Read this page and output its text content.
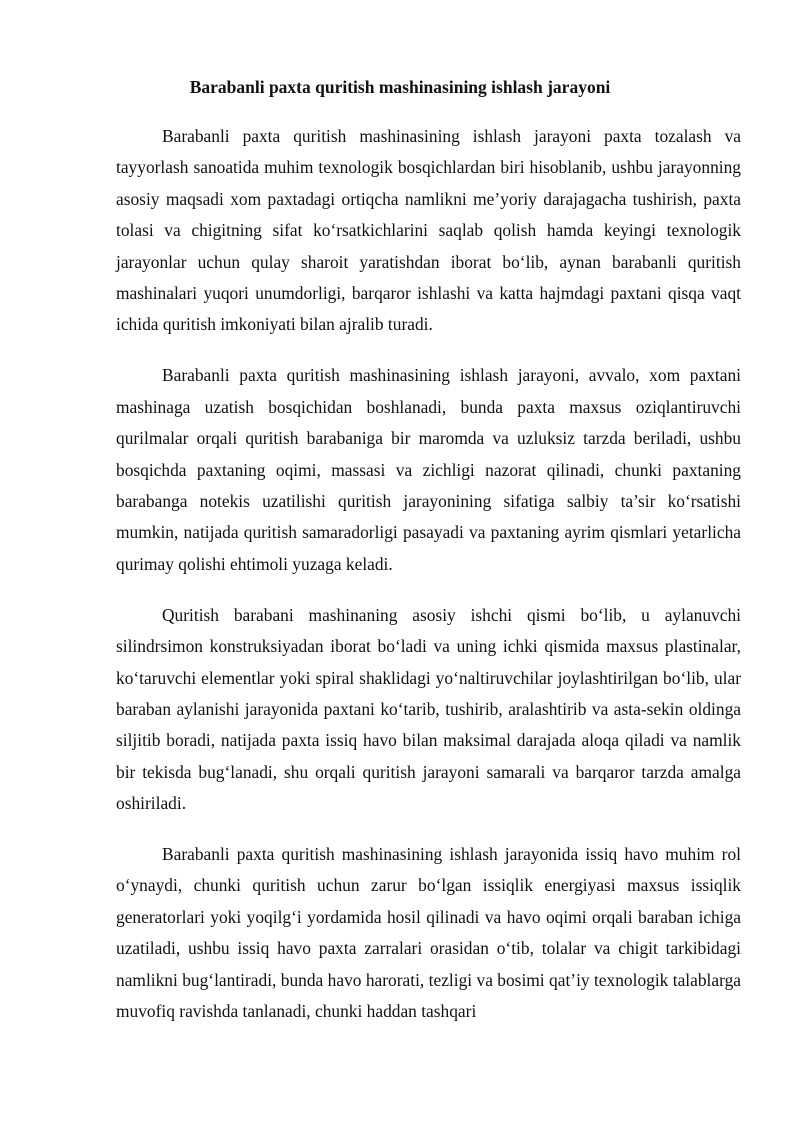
Barabanli paxta quritish mashinasining ishlash jarayoni

Barabanli paxta quritish mashinasining ishlash jarayoni paxta tozalash va tayyorlash sanoatida muhim texnologik bosqichlardan biri hisoblanib, ushbu jarayonning asosiy maqsadi xom paxtadagi ortiqcha namlikni me’yoriy darajagacha tushirish, paxta tolasi va chigitning sifat ko‘rsatkichlarini saqlab qolish hamda keyingi texnologik jarayonlar uchun qulay sharoit yaratishdan iborat bo‘lib, aynan barabanli quritish mashinalari yuqori unumdorligi, barqaror ishlashi va katta hajmdagi paxtani qisqa vaqt ichida quritish imkoniyati bilan ajralib turadi.

Barabanli paxta quritish mashinasining ishlash jarayoni, avvalo, xom paxtani mashinaga uzatish bosqichidan boshlanadi, bunda paxta maxsus oziqlantiruvchi qurilmalar orqali quritish barabaniga bir maromda va uzluksiz tarzda beriladi, ushbu bosqichda paxtaning oqimi, massasi va zichligi nazorat qilinadi, chunki paxtaning barabanga notekis uzatilishi quritish jarayonining sifatiga salbiy ta’sir ko‘rsatishi mumkin, natijada quritish samaradorligi pasayadi va paxtaning ayrim qismlari yetarlicha qurimay qolishi ehtimoli yuzaga keladi.

Quritish barabani mashinaning asosiy ishchi qismi bo‘lib, u aylanuvchi silindrsimon konstruksiyadan iborat bo‘ladi va uning ichki qismida maxsus plastinalar, ko‘taruvchi elementlar yoki spiral shaklidagi yo‘naltiruvchilar joylashtirilgan bo‘lib, ular baraban aylanishi jarayonida paxtani ko‘tarib, tushirib, aralashtirib va asta-sekin oldinga siljitib boradi, natijada paxta issiq havo bilan maksimal darajada aloqa qiladi va namlik bir tekisda bug‘lanadi, shu orqali quritish jarayoni samarali va barqaror tarzda amalga oshiriladi.

Barabanli paxta quritish mashinasining ishlash jarayonida issiq havo muhim rol o‘ynaydi, chunki quritish uchun zarur bo‘lgan issiqlik energiyasi maxsus issiqlik generatorlari yoki yoqilg‘i yordamida hosil qilinadi va havo oqimi orqali baraban ichiga uzatiladi, ushbu issiq havo paxta zarralari orasidan o‘tib, tolalar va chigit tarkibidagi namlikni bug‘lantiradi, bunda havo harorati, tezligi va bosimi qat’iy texnologik talablarga muvofiq ravishda tanlanadi, chunki haddan tashqari
